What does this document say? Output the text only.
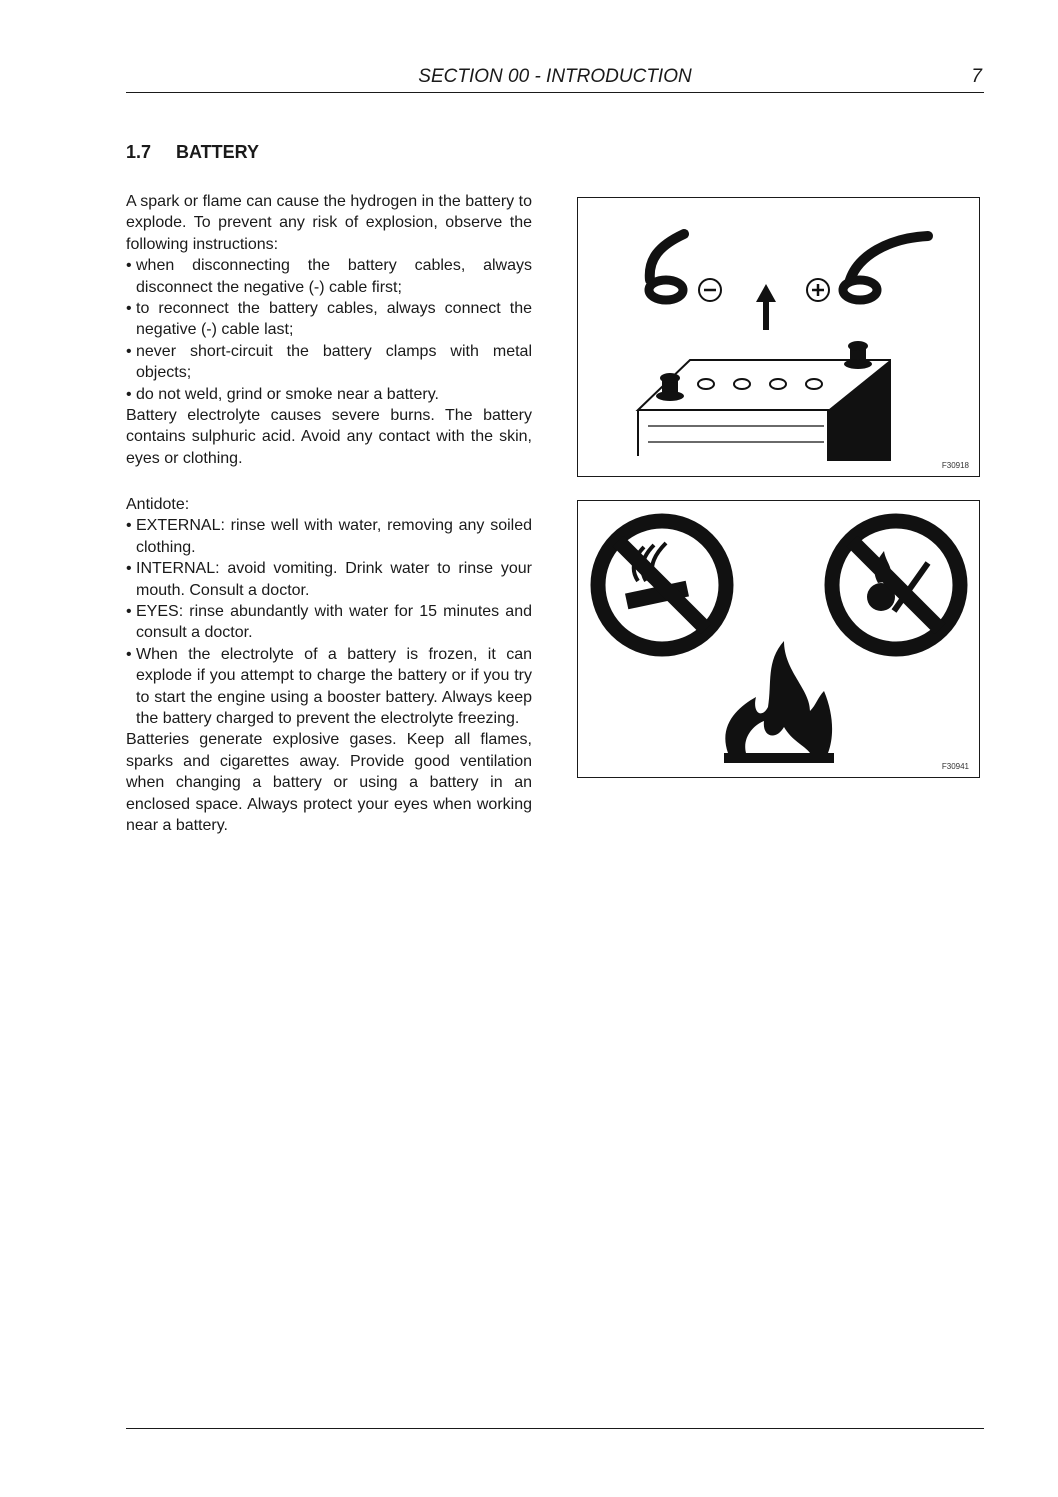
SECTION 00 - INTRODUCTION	7
1.7 BATTERY

A spark or flame can cause the hydrogen in the battery to explode. To prevent any risk of explosion, observe the following instructions:

• when disconnecting the battery cables, always disconnect the negative (-) cable first;
• to reconnect the battery cables, always connect the negative (-) cable last;
• never short-circuit the battery clamps with metal objects;
• do not weld, grind or smoke near a battery.

Battery electrolyte causes severe burns. The battery contains sulphuric acid. Avoid any contact with the skin, eyes or clothing.

Antidote:

• EXTERNAL: rinse well with water, removing any soiled clothing.
• INTERNAL: avoid vomiting. Drink water to rinse your mouth. Consult a doctor.
• EYES: rinse abundantly with water for 15 minutes and consult a doctor.
• When the electrolyte of a battery is frozen, it can explode if you attempt to charge the battery or if you try to start the engine using a booster battery. Always keep the battery charged to prevent the electrolyte freezing.

Batteries generate explosive gases. Keep all flames, sparks and cigarettes away. Provide good ventilation when changing a battery or using a battery in an enclosed space. Always protect your eyes when working near a battery.

F30918
F30941
